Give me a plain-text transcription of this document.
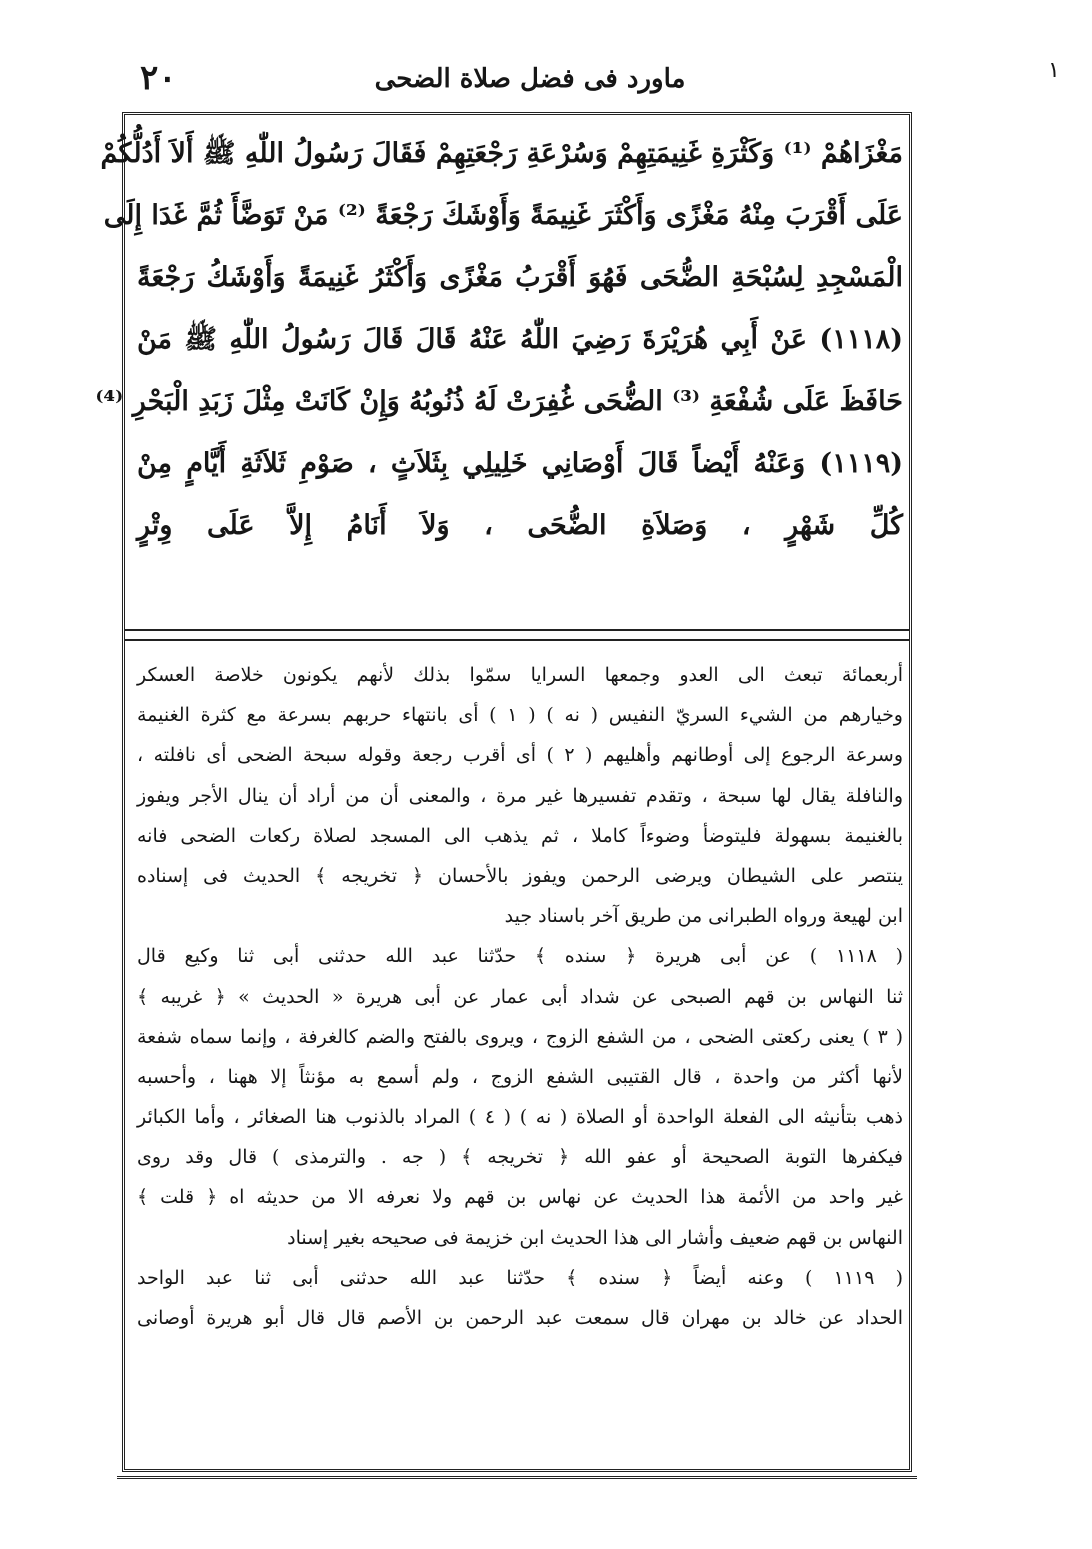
٢٠	ماورد فى فضل صلاة الضحى	١
مَغْزَاهُمْ ⁽¹⁾ وَكَثْرَةِ غَنِيمَتِهِمْ وَسُرْعَةِ رَجْعَتِهِمْ فَقَالَ رَسُولُ اللّٰهِ ﷺ أَلاَ أَدُلُّكُمْ
عَلَى أَقْرَبَ مِنْهُ مَغْزًى وَأَكْثَرَ غَنِيمَةً وَأَوْشَكَ رَجْعَةً ⁽²⁾ مَنْ تَوَضَّأَ ثُمَّ غَدَا إِلَى
الْمَسْجِدِ لِسُبْحَةِ الضُّحَى فَهُوَ أَقْرَبُ مَغْزًى وَأَكْثَرُ غَنِيمَةً وَأَوْشَكُ رَجْعَةً
(١١١٨) عَنْ أَبِي هُرَيْرَةَ رَضِيَ اللّٰهُ عَنْهُ قَالَ قَالَ رَسُولُ اللّٰهِ ﷺ مَنْ
حَافَظَ عَلَى شُفْعَةِ ⁽³⁾ الضُّحَى غُفِرَتْ لَهُ ذُنُوبُهُ وَإِنْ كَانَتْ مِثْلَ زَبَدِ الْبَحْرِ ⁽⁴⁾
(١١١٩) وَعَنْهُ أَيْضاً قَالَ أَوْصَانِي خَلِيلِي بِثَلاَثٍ ، صَوْمِ ثَلاَثَةِ أَيَّامٍ مِنْ
كُلِّ شَهْرٍ ، وَصَلاَةِ الضُّحَى ، وَلاَ أَنَامُ إِلاَّ عَلَى وِتْرٍ
أربعمائة تبعث الى العدو وجمعها السرايا سمّوا بذلك لأنهم يكونون خلاصة العسكر
وخيارهم من الشيء السريّ النفيس ( نه ) ( ١ ) أى بانتهاء حربهم بسرعة مع كثرة الغنيمة
وسرعة الرجوع إلى أوطانهم وأهليهم ( ٢ ) أى أقرب رجعة وقوله سبحة الضحى أى نافلته ،
والنافلة يقال لها سبحة ، وتقدم تفسيرها غير مرة ، والمعنى أن من أراد أن ينال الأجر ويفوز
بالغنيمة بسهولة فليتوضأ وضوءاً كاملا ، ثم يذهب الى المسجد لصلاة ركعات الضحى فانه
ينتصر على الشيطان ويرضى الرحمن ويفوز بالأحسان ﴿ تخريجه ﴾ الحديث فى إسناده
ابن لهيعة ورواه الطبرانى من طريق آخر باسناد جيد
( ١١١٨ ) عن أبى هريرة ﴿ سنده ﴾ حدّثنا عبد الله حدثنى أبى ثنا وكيع قال
ثنا النهاس بن قهم الصبحى عن شداد أبى عمار عن أبى هريرة « الحديث » ﴿ غريبه ﴾
( ٣ ) يعنى ركعتى الضحى ، من الشفع الزوج ، ويروى بالفتح والضم كالغرفة ، وإنما سماه شفعة
لأنها أكثر من واحدة ، قال القتيبى الشفع الزوج ، ولم أسمع به مؤنثاً إلا ههنا ، وأحسبه
ذهب بتأنيثه الى الفعلة الواحدة أو الصلاة ( نه ) ( ٤ ) المراد بالذنوب هنا الصغائر ، وأما الكبائر
فيكفرها التوبة الصحيحة أو عفو الله ﴿ تخريجه ﴾ ( جه . والترمذى ) قال وقد روى
غير واحد من الأئمة هذا الحديث عن نهاس بن قهم ولا نعرفه الا من حديثه اه ﴿ قلت ﴾
النهاس بن قهم ضعيف وأشار الى هذا الحديث ابن خزيمة فى صحيحه بغير إسناد
( ١١١٩ ) وعنه أيضاً ﴿ سنده ﴾ حدّثنا عبد الله حدثنى أبى ثنا عبد الواحد
الحداد عن خالد بن مهران قال سمعت عبد الرحمن بن الأصم قال قال أبو هريرة أوصانى
